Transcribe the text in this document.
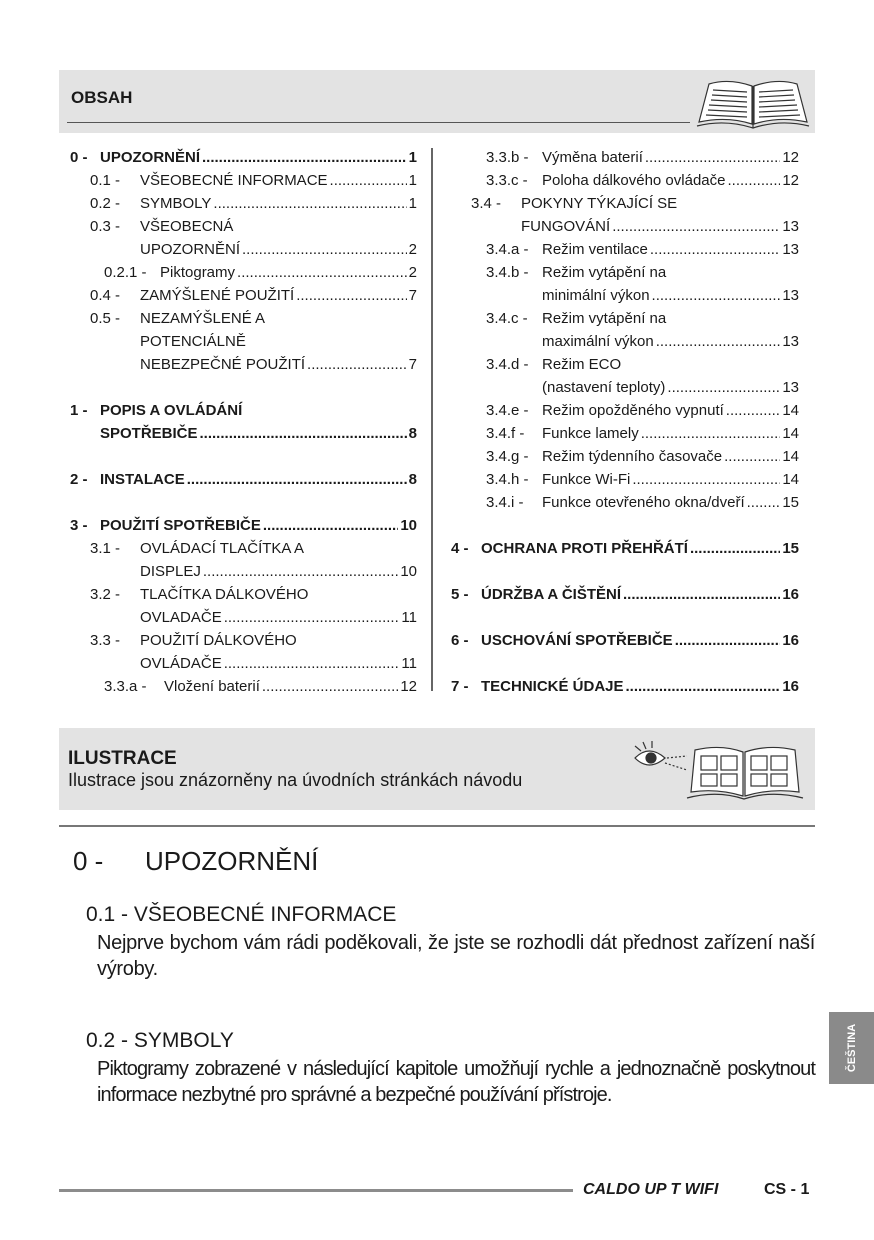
OBSAH
0 - UPOZORNĚNÍ .....	1
0.1 - VŠEOBECNÉ INFORMACE .....	1
0.2 - SYMBOLY .....	1
0.3 - VŠEOBECNÁ
UPOZORNĚNÍ .....	2
0.2.1 - Piktogramy .....	2
0.4 - ZAMÝŠLENÉ POUŽITÍ .....	7
0.5 - NEZAMÝŠLENÉ A
POTENCIÁLNĚ
NEBEZPEČNÉ POUŽITÍ .....	7
1 - POPIS A OVLÁDÁNÍ
SPOTŘEBIČE .....	8
2 - INSTALACE .....	8
3 - POUŽITÍ SPOTŘEBIČE .....	10
3.1 - OVLÁDACÍ TLAČÍTKA A
DISPLEJ .....	10
3.2 - TLAČÍTKA DÁLKOVÉHO
OVLADAČE .....	11
3.3 - POUŽITÍ DÁLKOVÉHO
OVLÁDAČE .....	11
3.3.a - Vložení baterií .....	12
3.3.b - Výměna baterií .....	12
3.3.c - Poloha dálkového ovládače .....	12
3.4 - POKYNY TÝKAJÍCÍ SE
FUNGOVÁNÍ .....	13
3.4.a - Režim ventilace .....	13
3.4.b - Režim vytápění na
minimální výkon .....	13
3.4.c - Režim vytápění na
maximální výkon .....	13
3.4.d - Režim ECO
(nastavení teploty) .....	13
3.4.e - Režim opožděného vypnutí .....	14
3.4.f - Funkce lamely .....	14
3.4.g - Režim týdenního časovače .....	14
3.4.h - Funkce Wi-Fi .....	14
3.4.i - Funkce otevřeného okna/dveří .....	15
4 - OCHRANA PROTI PŘEHŘÁTÍ .....	15
5 - ÚDRŽBA A ČIŠTĚNÍ .....	16
6 - USCHOVÁNÍ SPOTŘEBIČE .....	16
7 - TECHNICKÉ ÚDAJE .....	16
ILUSTRACE
Ilustrace jsou znázorněny na úvodních stránkách návodu
0 - UPOZORNĚNÍ
0.1 - VŠEOBECNÉ INFORMACE
Nejprve bychom vám rádi poděkovali, že jste se rozhodli dát přednost zařízení naší výroby.
0.2 - SYMBOLY
Piktogramy zobrazené v následující kapitole umožňují rychle a jednoznačně poskytnout informace nezbytné pro správné a bezpečné používání přístroje.
ČEŠTINA
CALDO UP T WIFI	CS - 1
